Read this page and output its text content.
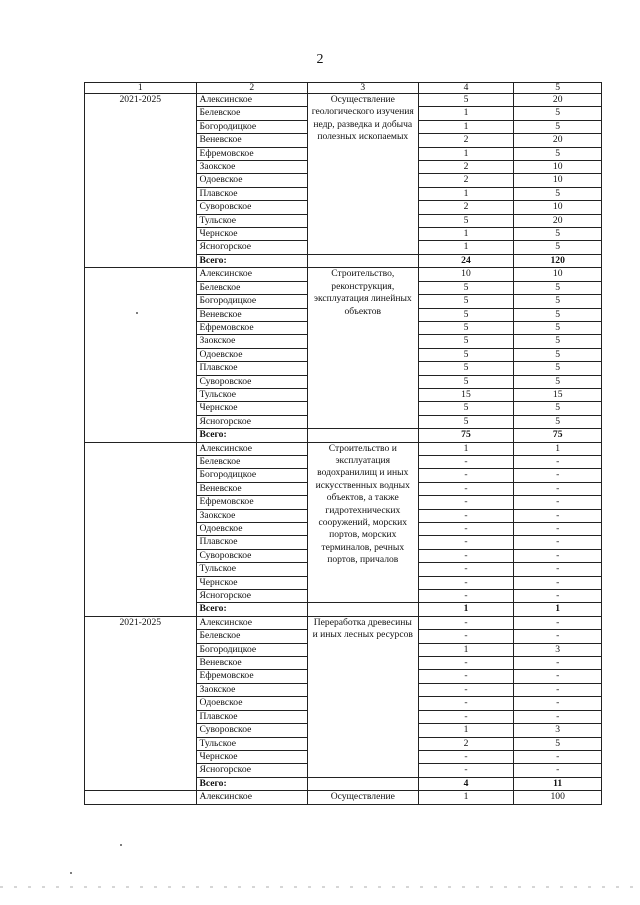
2
1	2	3	4	5
2021-2025	Алексинское	Осуществление геологического изучения недр, разведка и добыча полезных ископаемых	5	20
	Белевское		1	5
	Богородицкое		1	5
	Веневское		2	20
	Ефремовское		1	5
	Заокское		2	10
	Одоевское		2	10
	Плавское		1	5
	Суворовское		2	10
	Тульское		5	20
	Чернское		1	5
	Ясногорское		1	5
	Всего:		24	120
	Алексинское	Строительство, реконструкция, эксплуатация линейных объектов	10	10
	Белевское		5	5
	Богородицкое		5	5
	Веневское		5	5
	Ефремовское		5	5
	Заокское		5	5
	Одоевское		5	5
	Плавское		5	5
	Суворовское		5	5
	Тульское		15	15
	Чернское		5	5
	Ясногорское		5	5
	Всего:		75	75
	Алексинское	Строительство и эксплуатация водохранилищ и иных искусственных водных объектов, а также гидротехнических сооружений, морских портов, морских терминалов, речных портов, причалов	1	1
	Белевское		-	-
	Богородицкое		-	-
	Веневское		-	-
	Ефремовское		-	-
	Заокское		-	-
	Одоевское		-	-
	Плавское		-	-
	Суворовское		-	-
	Тульское		-	-
	Чернское		-	-
	Ясногорское		-	-
	Всего:		1	1
2021-2025	Алексинское	Переработка древесины и иных лесных ресурсов	-	-
	Белевское		-	-
	Богородицкое		1	3
	Веневское		-	-
	Ефремовское		-	-
	Заокское		-	-
	Одоевское		-	-
	Плавское		-	-
	Суворовское		1	3
	Тульское		2	5
	Чернское		-	-
	Ясногорское		-	-
	Всего:		4	11
	Алексинское	Осуществление	1	100
